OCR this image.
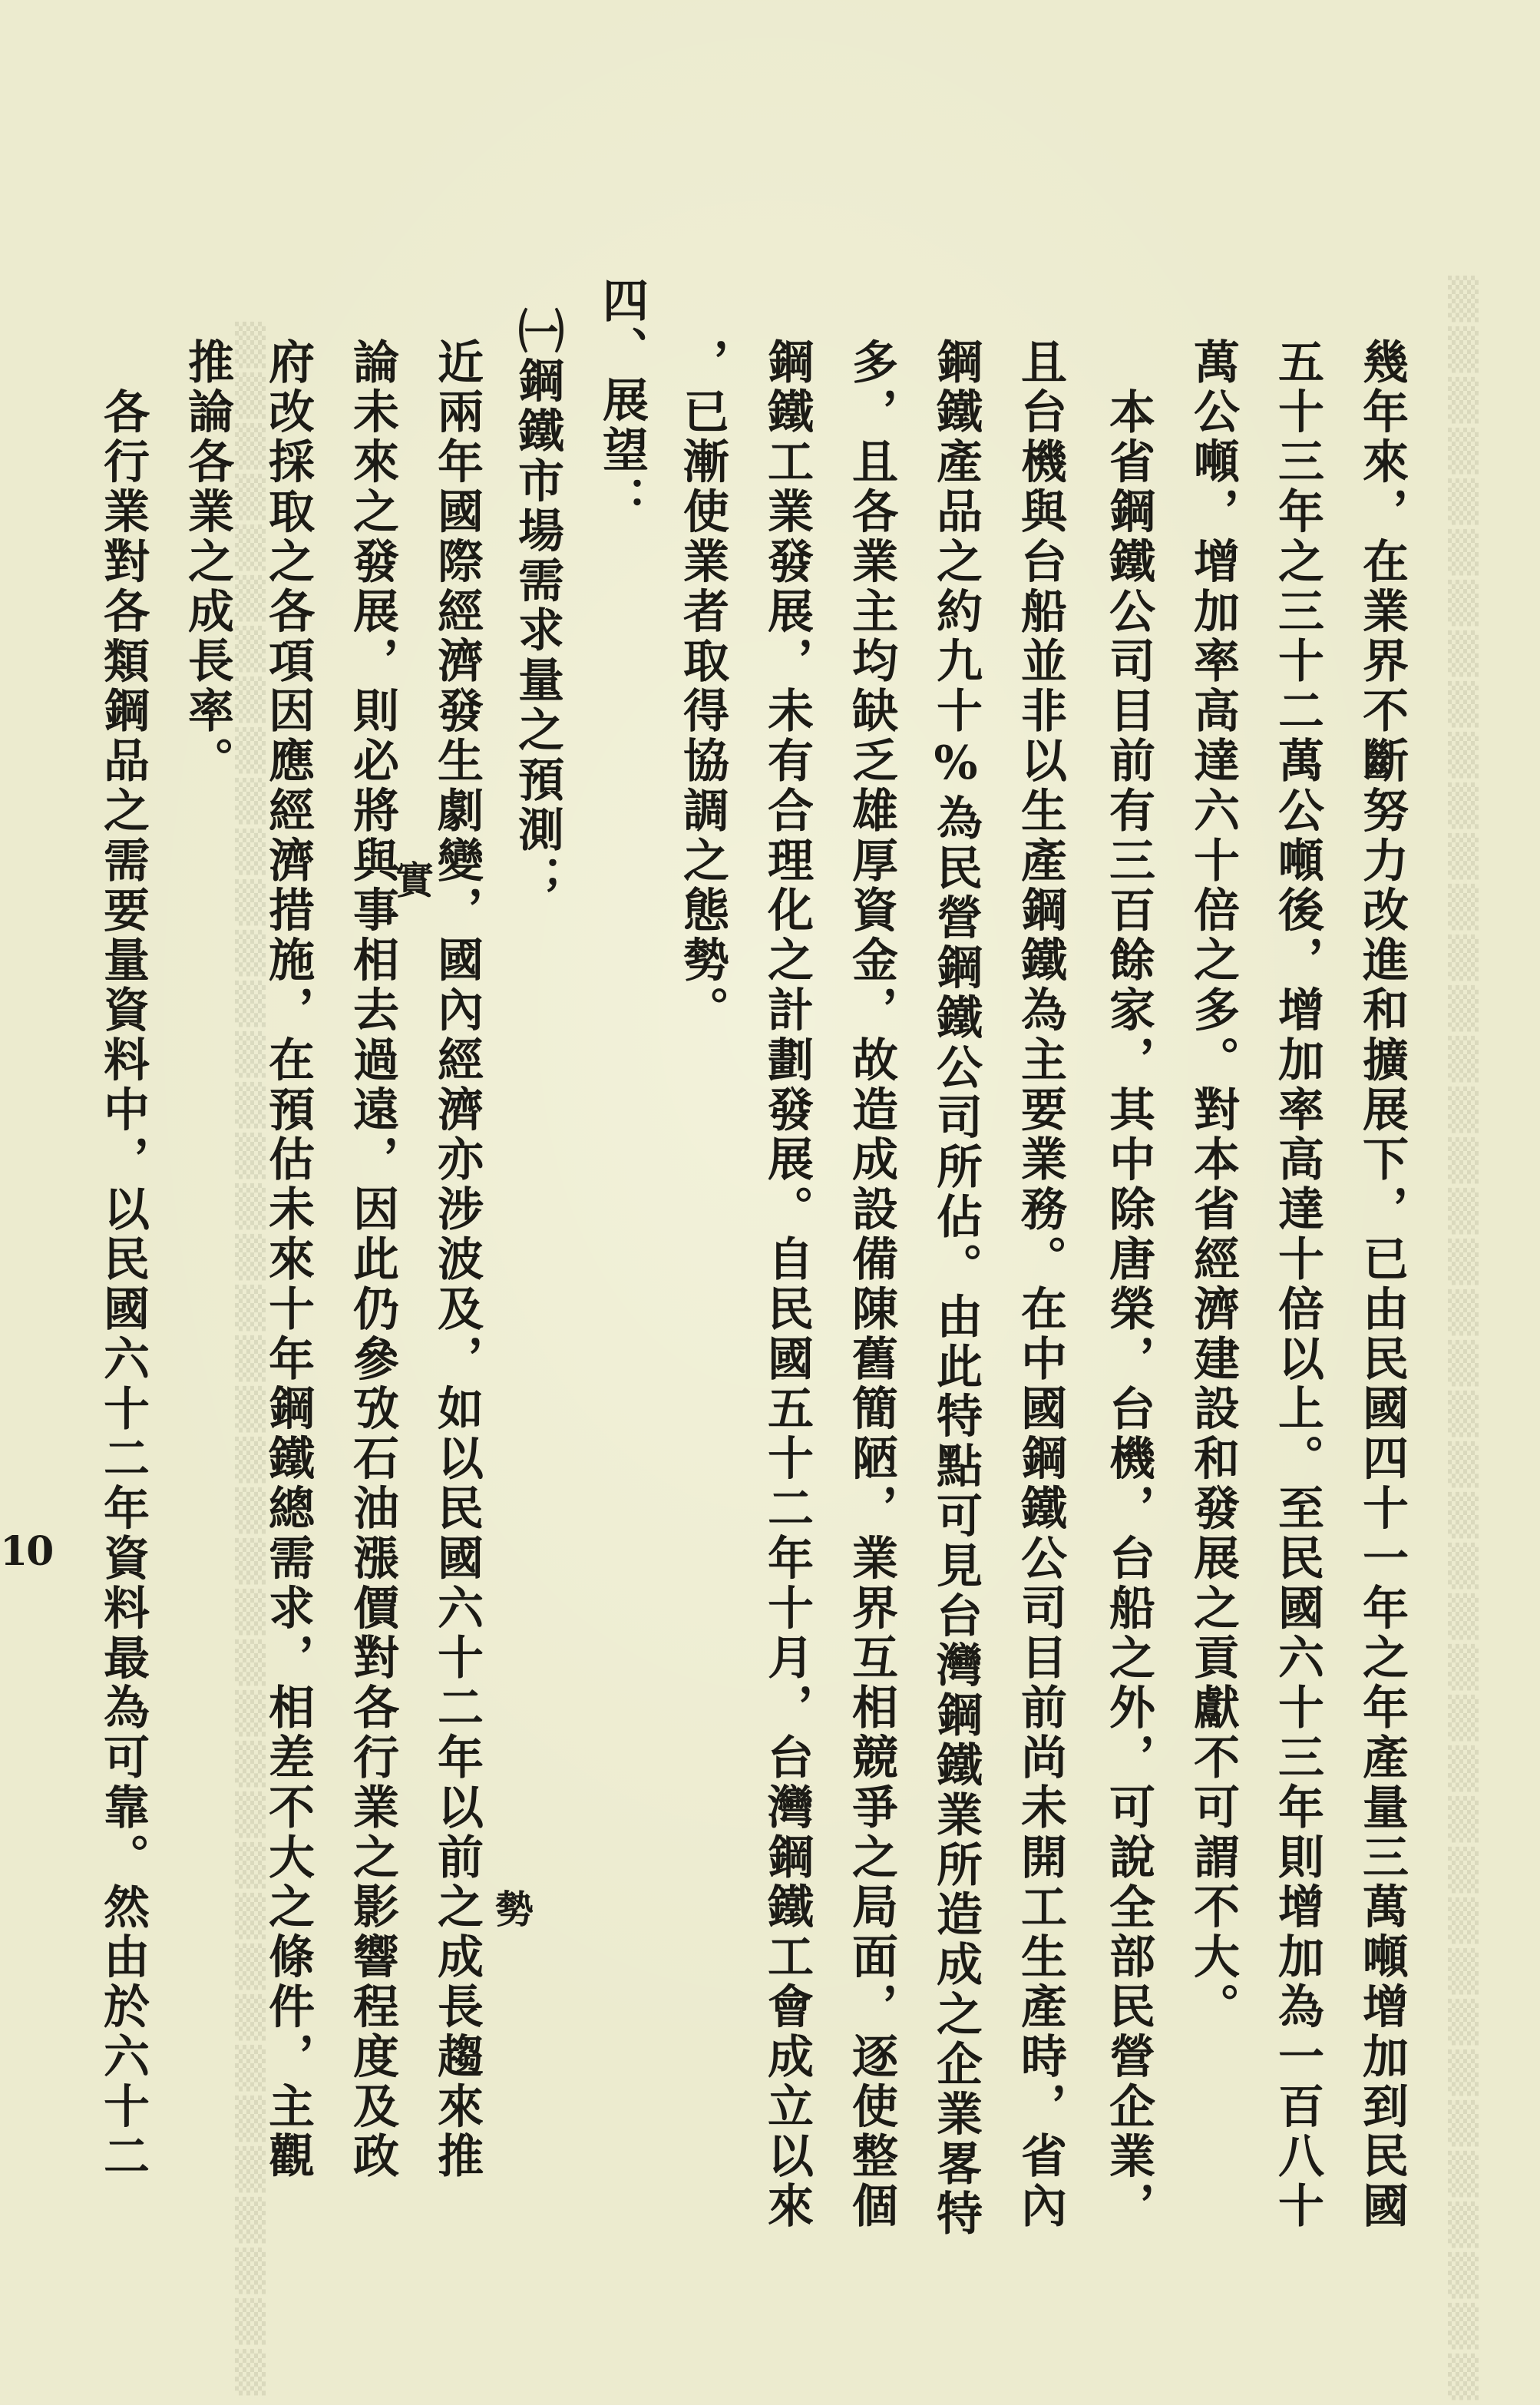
▒▒▒▒▒▒▒▒▒▒▒▒▒▒▒▒▒▒▒▒▒▒▒▒▒▒▒▒▒▒▒▒▒▒▒▒▒▒▒▒▒▒
▒▒▒▒▒▒▒▒▒▒▒▒▒▒▒▒▒▒▒▒▒▒▒▒▒▒▒▒▒▒▒▒▒▒▒▒▒▒▒▒▒	幾年來，在業界不斷努力改進和擴展下，已由民國四十一年之年產量三萬噸增加到民國
五十三年之三十二萬公噸後，增加率高達十倍以上。至民國六十三年則增加為一百八十
萬公噸，增加率高達六十倍之多。對本省經濟建設和發展之貢獻不可謂不大。
本省鋼鐵公司目前有三百餘家，其中除唐榮，台機，台船之外，可說全部民營企業，
且台機與台船並非以生產鋼鐵為主要業務。在中國鋼鐵公司目前尚未開工生產時，省內
鋼鐵產品之約九十%為民營鋼鐵公司所佔。由此特點可見台灣鋼鐵業所造成之企業畧特
多，且各業主均缺乏雄厚資金，故造成設備陳舊簡陋，業界互相競爭之局面，逐使整個
鋼鐵工業發展，未有合理化之計劃發展。自民國五十二年十月，台灣鋼鐵工會成立以來
，已漸使業者取得協調之態勢。
四、展望：
㈠鋼鐵市場需求量之預測；
近兩年國際經濟發生劇變，國內經濟亦涉波及，如以民國六十二年以前之成長趨來推
論未來之發展，則必將與事相去過遠，因此仍參攷石油漲價對各行業之影響程度及政
府改採取之各項因應經濟措施，在預估未來十年鋼鐵總需求，相差不大之條件，主觀
推論各業之成長率。
各行業對各類鋼品之需要量資料中，以民國六十二年資料最為可靠。然由於六十二	實
勢
10
